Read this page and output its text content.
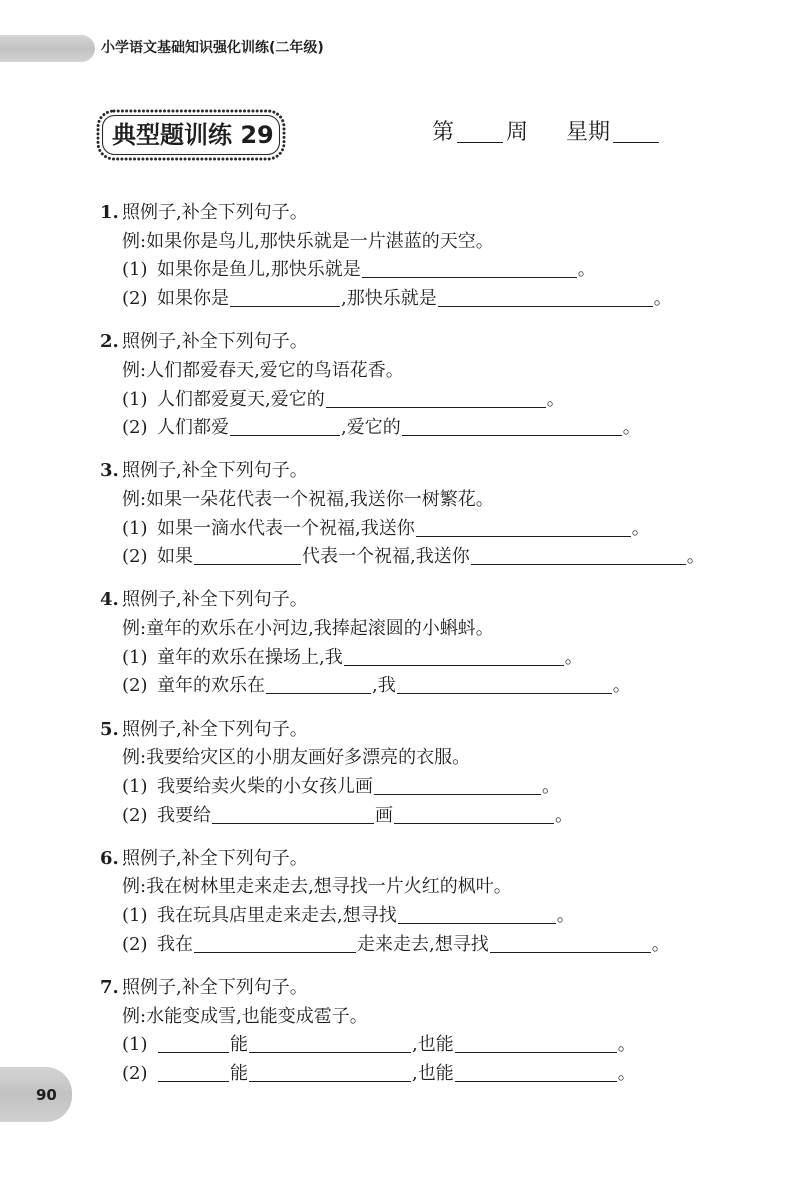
小学语文基础知识强化训练(二年级)
典型题训练 29	第 周 星期
1. 照例子,补全下列句子。
例:如果你是鸟儿,那快乐就是一片湛蓝的天空。
(1) 如果你是鱼儿,那快乐就是	。
(2) 如果你是	,那快乐就是	。
2. 照例子,补全下列句子。
例:人们都爱春天,爱它的鸟语花香。
(1) 人们都爱夏天,爱它的	。
(2) 人们都爱	,爱它的	。
3. 照例子,补全下列句子。
例:如果一朵花代表一个祝福,我送你一树繁花。
(1) 如果一滴水代表一个祝福,我送你	。
(2) 如果	代表一个祝福,我送你	。
4. 照例子,补全下列句子。
例:童年的欢乐在小河边,我捧起滚圆的小蝌蚪。
(1) 童年的欢乐在操场上,我	。
(2) 童年的欢乐在	,我	。
5. 照例子,补全下列句子。
例:我要给灾区的小朋友画好多漂亮的衣服。
(1) 我要给卖火柴的小女孩儿画	。
(2) 我要给	画	。
6. 照例子,补全下列句子。
例:我在树林里走来走去,想寻找一片火红的枫叶。
(1) 我在玩具店里走来走去,想寻找	。
(2) 我在	走来走去,想寻找	。
7. 照例子,补全下列句子。
例:水能变成雪,也能变成雹子。
(1)	能	,也能	。
(2)	能	,也能	。
90
